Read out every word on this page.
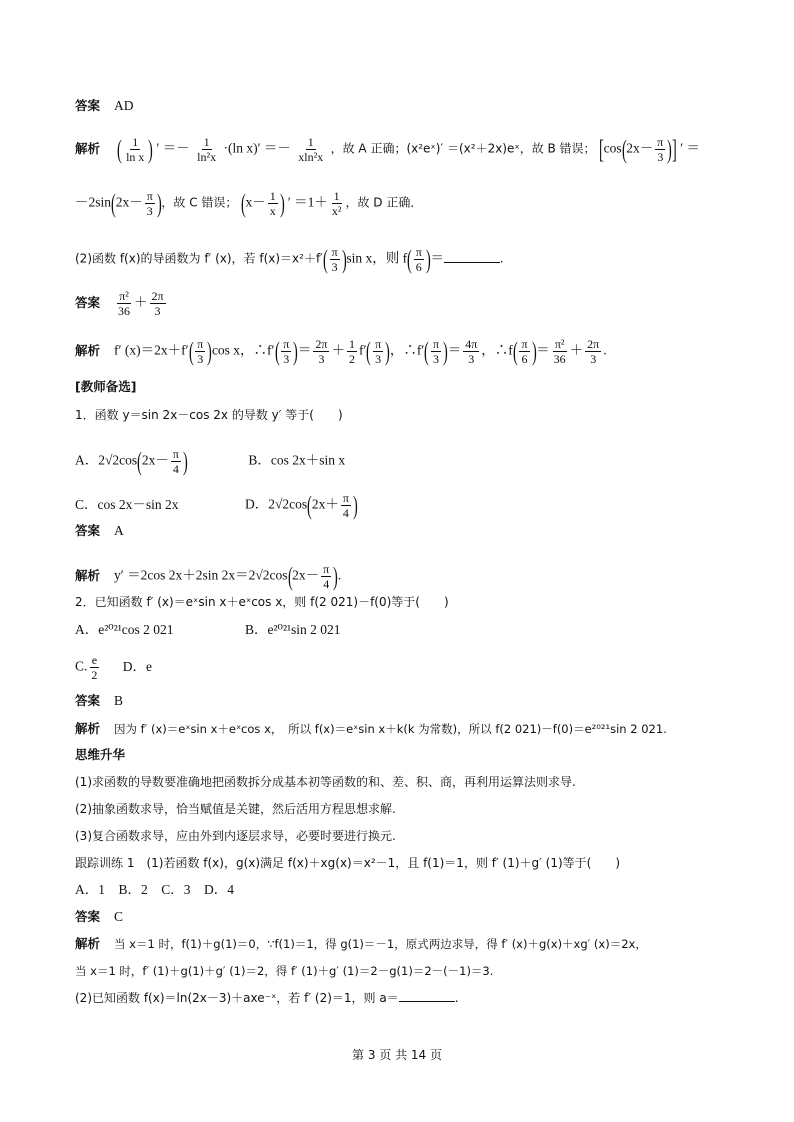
答案 AD
解析 ( $\frac{1}{\text{ln x}}$ ) ′ ＝－ $\frac{1}{\text{ln²x}} \cdot(\ln$ $x)' =- \frac{1}{\text{xln²x}}$ ，故 A 正确；(x²eˣ)′ ＝(x²＋2x)eˣ，故 B 错误； [$\cos(2x- \frac{\pi}{3}$ )] ′ ＝
$-2\sin(2x- \frac{\pi}{3}$ )，故 C 错误； ($x- \frac{1}{x}$ ) ′ $=1+ \frac{1}{\text{x²}}$ ，故 D 正确．
(2)函数 f(x)的导函数为 f′ (x)，若 $f(x)=x^2+f'( \frac{\pi}{3} )\sin$ x，则 $f( \frac{\pi}{6}$ )＝	.
答案 $\frac{\text{π²}}{36} + \frac{2\pi}{3}$
解析 f′ $(x)=2x+f'( \frac{\pi}{3} )\cos$ x，∴f′( $\frac{\pi}{3}$ )＝ $\frac{2\pi}{3} + \frac{1}{2} f'( \frac{\pi}{3}$ )，∴f′( $\frac{\pi}{3}$ )＝ $\frac{4\pi}{3}$ ，∴f( $\frac{\pi}{6}$ )＝ $\frac{\text{π²}}{36} + \frac{2\pi}{3}$ .
[教师备选]
1．函数 y＝sin 2x－cos 2x 的导数 y′ 等于(　　)
A．$2√2\cos(2x- \frac{\pi}{4}$ )	B．cos 2x＋sin x
C．cos 2x－sin 2x	D．$2√2\cos(2x+ \frac{\pi}{4}$ )
答案 A
解析 y′ ＝2cos 2x＋2sin $2x=2√2\cos(2x- \frac{\pi}{4}$ ).
2．已知函数 f′ (x)＝eˣsin x＋eˣcos x，则 f(2 021)－f(0)等于(　　)
A．e²⁰²¹cos 2 021	B．e²⁰²¹sin 2 021
C. $\frac{e}{2}$ D．e
答案 B
解析 因为 f′ (x)＝eˣsin x＋eˣcos x，　所以 f(x)＝eˣsin x＋k(k 为常数)，所以 f(2 021)－f(0)＝e²⁰²¹sin 2 021.
思维升华
(1)求函数的导数要准确地把函数拆分成基本初等函数的和、差、积、商，再利用运算法则求导.
(2)抽象函数求导，恰当赋值是关键，然后活用方程思想求解.
(3)复合函数求导，应由外到内逐层求导，必要时要进行换元.
跟踪训练 1　(1)若函数 f(x)，g(x)满足 f(x)＋xg(x)＝x²－1，且 f(1)＝1，则 f′ (1)＋g′ (1)等于(　　)
A．1　B．2　C．3　D．4
答案 C
解析 当 x＝1 时，f(1)＋g(1)＝0，∵f(1)＝1，得 g(1)＝－1，原式两边求导，得 f′ (x)＋g(x)＋xg′ (x)＝2x，
当 x＝1 时，f′ (1)＋g(1)＋g′ (1)＝2，得 f′ (1)＋g′ (1)＝2－g(1)＝2－(－1)＝3.
(2)已知函数 f(x)＝ln(2x－3)＋axe⁻ˣ，若 f′ (2)＝1，则 a＝	.
第 3 页 共 14 页
